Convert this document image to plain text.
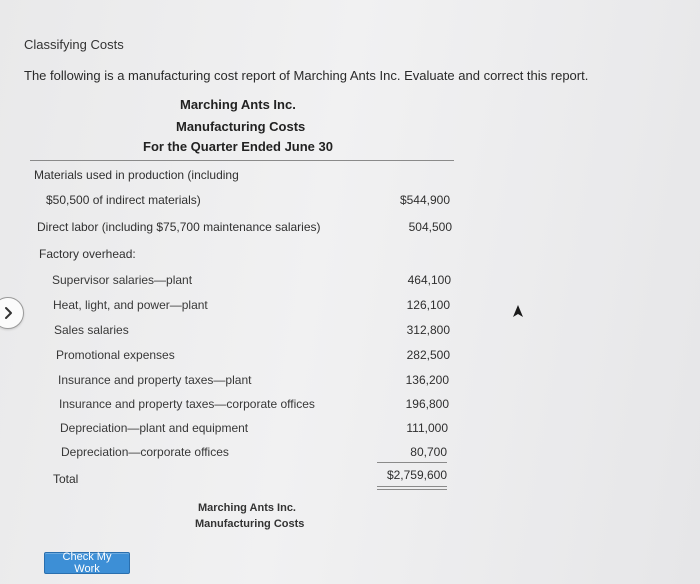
Classifying Costs
The following is a manufacturing cost report of Marching Ants Inc. Evaluate and correct this report.
Marching Ants Inc.
Manufacturing Costs
For the Quarter Ended June 30
Materials used in production (including
$50,500 of indirect materials)	$544,900
Direct labor (including $75,700 maintenance salaries)	504,500
Factory overhead:
Supervisor salaries—plant	464,100
Heat, light, and power—plant	126,100
Sales salaries	312,800
Promotional expenses	282,500
Insurance and property taxes—plant	136,200
Insurance and property taxes—corporate offices	196,800
Depreciation—plant and equipment	111,000
Depreciation—corporate offices	80,700
Total	$2,759,600
Marching Ants Inc.
Manufacturing Costs
Check My Work
